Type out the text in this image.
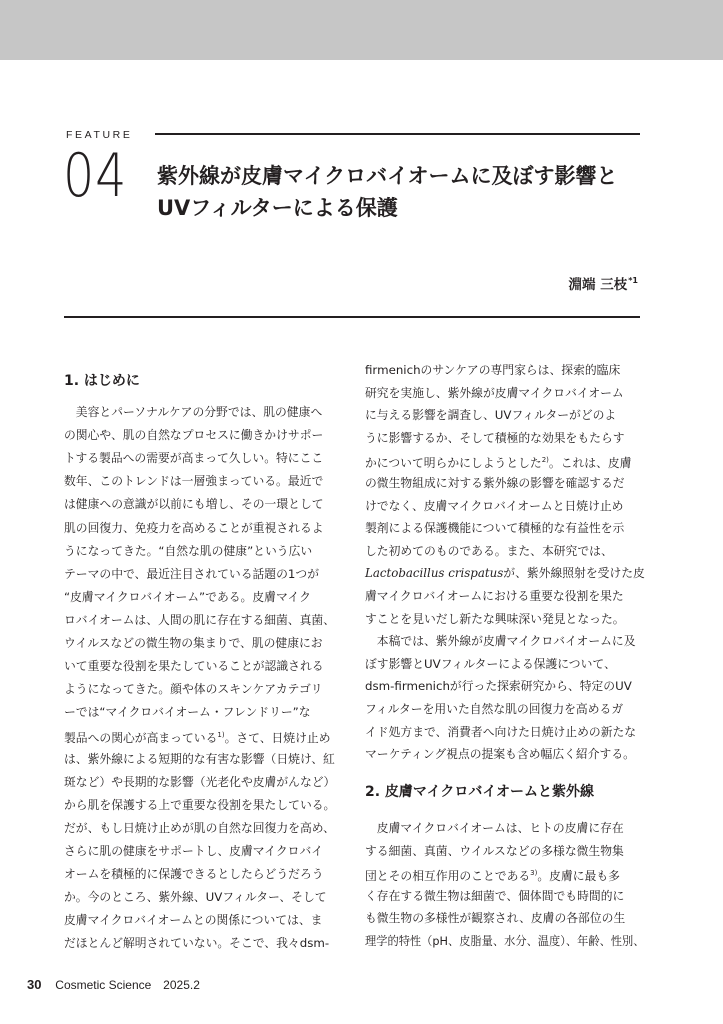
FEATURE
04 紫外線が皮膚マイクロバイオームに及ぼす影響と
UVフィルターによる保護
淵端 三枝$^{*1}$
1. はじめに
　美容とパーソナルケアの分野では、肌の健康へ
の関心や、肌の自然なプロセスに働きかけサポー
トする製品への需要が高まって久しい。特にここ
数年、このトレンドは一層強まっている。最近で
は健康への意識が以前にも増し、その一環として
肌の回復力、免疫力を高めることが重視されるよ
うになってきた。“自然な肌の健康”という広い
テーマの中で、最近注目されている話題の1つが
“皮膚マイクロバイオーム”である。皮膚マイク
ロバイオームは、人間の肌に存在する細菌、真菌、
ウイルスなどの微生物の集まりで、肌の健康にお
いて重要な役割を果たしていることが認識される
ようになってきた。顔や体のスキンケアカテゴリ
ーでは“マイクロバイオーム・フレンドリー”な
製品への関心が高まっている$^{1)}$。さて、日焼け止め
は、紫外線による短期的な有害な影響（日焼け、紅
斑など）や長期的な影響（光老化や皮膚がんなど）
から肌を保護する上で重要な役割を果たしている。
だが、もし日焼け止めが肌の自然な回復力を高め、
さらに肌の健康をサポートし、皮膚マイクロバイ
オームを積極的に保護できるとしたらどうだろう
か。今のところ、紫外線、UVフィルター、そして
皮膚マイクロバイオームとの関係については、ま
だほとんど解明されていない。そこで、我々dsm-
firmenichのサンケアの専門家らは、探索的臨床
研究を実施し、紫外線が皮膚マイクロバイオーム
に与える影響を調査し、UVフィルターがどのよ
うに影響するか、そして積極的な効果をもたらす
かについて明らかにしようとした$^{2)}$。これは、皮膚
の微生物組成に対する紫外線の影響を確認するだ
けでなく、皮膚マイクロバイオームと日焼け止め
製剤による保護機能について積極的な有益性を示
した初めてのものである。また、本研究では、
Lactobacillus crispatusが、紫外線照射を受けた皮
膚マイクロバイオームにおける重要な役割を果た
すことを見いだし新たな興味深い発見となった。
　本稿では、紫外線が皮膚マイクロバイオームに及
ぼす影響とUVフィルターによる保護について、
dsm-firmenichが行った探索研究から、特定のUV
フィルターを用いた自然な肌の回復力を高めるガ
イド処方まで、消費者へ向けた日焼け止めの新たな
マーケティング視点の提案も含め幅広く紹介する。
2. 皮膚マイクロバイオームと紫外線
　皮膚マイクロバイオームは、ヒトの皮膚に存在
する細菌、真菌、ウイルスなどの多様な微生物集
団とその相互作用のことである$^{3)}$。皮膚に最も多
く存在する微生物は細菌で、個体間でも時間的に
も微生物の多様性が観察され、皮膚の各部位の生
理学的特性（pH、皮脂量、水分、温度）、年齢、性別、
30 Cosmetic Science 2025.2
